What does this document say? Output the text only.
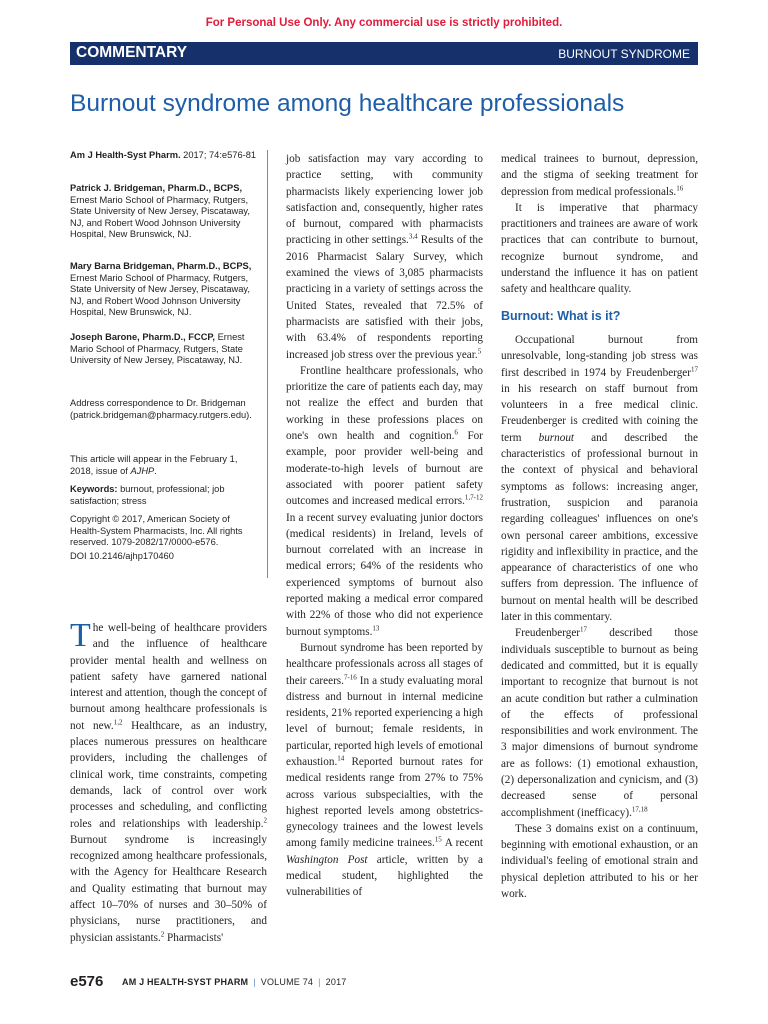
For Personal Use Only. Any commercial use is strictly prohibited.
COMMENTARY	BURNOUT SYNDROME
Burnout syndrome among healthcare professionals

Am J Health-Syst Pharm. 2017; 74:e576-81

Patrick J. Bridgeman, Pharm.D., BCPS, Ernest Mario School of Pharmacy, Rutgers, State University of New Jersey, Piscataway, NJ, and Robert Wood Johnson University Hospital, New Brunswick, NJ.

Mary Barna Bridgeman, Pharm.D., BCPS, Ernest Mario School of Pharmacy, Rutgers, State University of New Jersey, Piscataway, NJ, and Robert Wood Johnson University Hospital, New Brunswick, NJ.

Joseph Barone, Pharm.D., FCCP, Ernest Mario School of Pharmacy, Rutgers, State University of New Jersey, Piscataway, NJ.

Address correspondence to Dr. Bridgeman (patrick.bridgeman@pharmacy.rutgers.edu).

This article will appear in the February 1, 2018, issue of AJHP.

Keywords: burnout, professional; job satisfaction; stress

Copyright © 2017, American Society of Health-System Pharmacists, Inc. All rights reserved. 1079-2082/17/0000-e576.

DOI 10.2146/ajhp170460

The well-being of healthcare providers and the influence of healthcare provider mental health and wellness on patient safety have garnered national interest and attention, though the concept of burnout among healthcare professionals is not new.$^{1,2}$ Healthcare, as an industry, places numerous pressures on healthcare providers, including the challenges of clinical work, time constraints, competing demands, lack of control over work processes and scheduling, and conflicting roles and relationships with leadership.$^2$ Burnout syndrome is increasingly recognized among healthcare professionals, with the Agency for Healthcare Research and Quality estimating that burnout may affect 10–70% of nurses and 30–50% of physicians, nurse practitioners, and physician assistants.$^2$ Pharmacists'

job satisfaction may vary according to practice setting, with community pharmacists likely experiencing lower job satisfaction and, consequently, higher rates of burnout, compared with pharmacists practicing in other settings.$^{3,4}$ Results of the 2016 Pharmacist Salary Survey, which examined the views of 3,085 pharmacists practicing in a variety of settings across the United States, revealed that 72.5% of pharmacists are satisfied with their jobs, with 63.4% of respondents reporting increased job stress over the previous year.$^5$

Frontline healthcare professionals, who prioritize the care of patients each day, may not realize the effect and burden that working in these professions places on one's own health and cognition.$^6$ For example, poor provider well-being and moderate-to-high levels of burnout are associated with poorer patient safety outcomes and increased medical errors.$^{1,7-12}$ In a recent survey evaluating junior doctors (medical residents) in Ireland, levels of burnout correlated with an increase in medical errors; 64% of the residents who experienced symptoms of burnout also reported making a medical error compared with 22% of those who did not experience burnout symptoms.$^{13}$

Burnout syndrome has been reported by healthcare professionals across all stages of their careers.$^{7-16}$ In a study evaluating moral distress and burnout in internal medicine residents, 21% reported experiencing a high level of burnout; female residents, in particular, reported high levels of emotional exhaustion.$^{14}$ Reported burnout rates for medical residents range from 27% to 75% across various subspecialties, with the highest reported levels among obstetrics-gynecology trainees and the lowest levels among family medicine trainees.$^{15}$ A recent Washington Post article, written by a medical student, highlighted the vulnerabilities of

medical trainees to burnout, depression, and the stigma of seeking treatment for depression from medical professionals.$^{16}$

It is imperative that pharmacy practitioners and trainees are aware of work practices that can contribute to burnout, recognize burnout syndrome, and understand the influence it has on patient safety and healthcare quality.

Burnout: What is it?

Occupational burnout from unresolvable, long-standing job stress was first described in 1974 by Freudenberger$^{17}$ in his research on staff burnout from volunteers in a free medical clinic. Freudenberger is credited with coining the term burnout and described the characteristics of professional burnout in the context of physical and behavioral symptoms as follows: increasing anger, frustration, suspicion and paranoia regarding colleagues' influences on one's own personal career ambitions, excessive rigidity and inflexibility in practice, and the appearance of characteristics of one who suffers from depression. The influence of burnout on mental health will be described later in this commentary.

Freudenberger$^{17}$ described those individuals susceptible to burnout as being dedicated and committed, but it is equally important to recognize that burnout is not an acute condition but rather a culmination of the effects of professional responsibilities and work environment. The 3 major dimensions of burnout syndrome are as follows: (1) emotional exhaustion, (2) depersonalization and cynicism, and (3) decreased sense of personal accomplishment (inefficacy).$^{17,18}$

These 3 domains exist on a continuum, beginning with emotional exhaustion, or an individual's feeling of emotional strain and physical depletion attributed to his or her work.

e576 AM J HEALTH-SYST PHARM | VOLUME 74 | 2017
